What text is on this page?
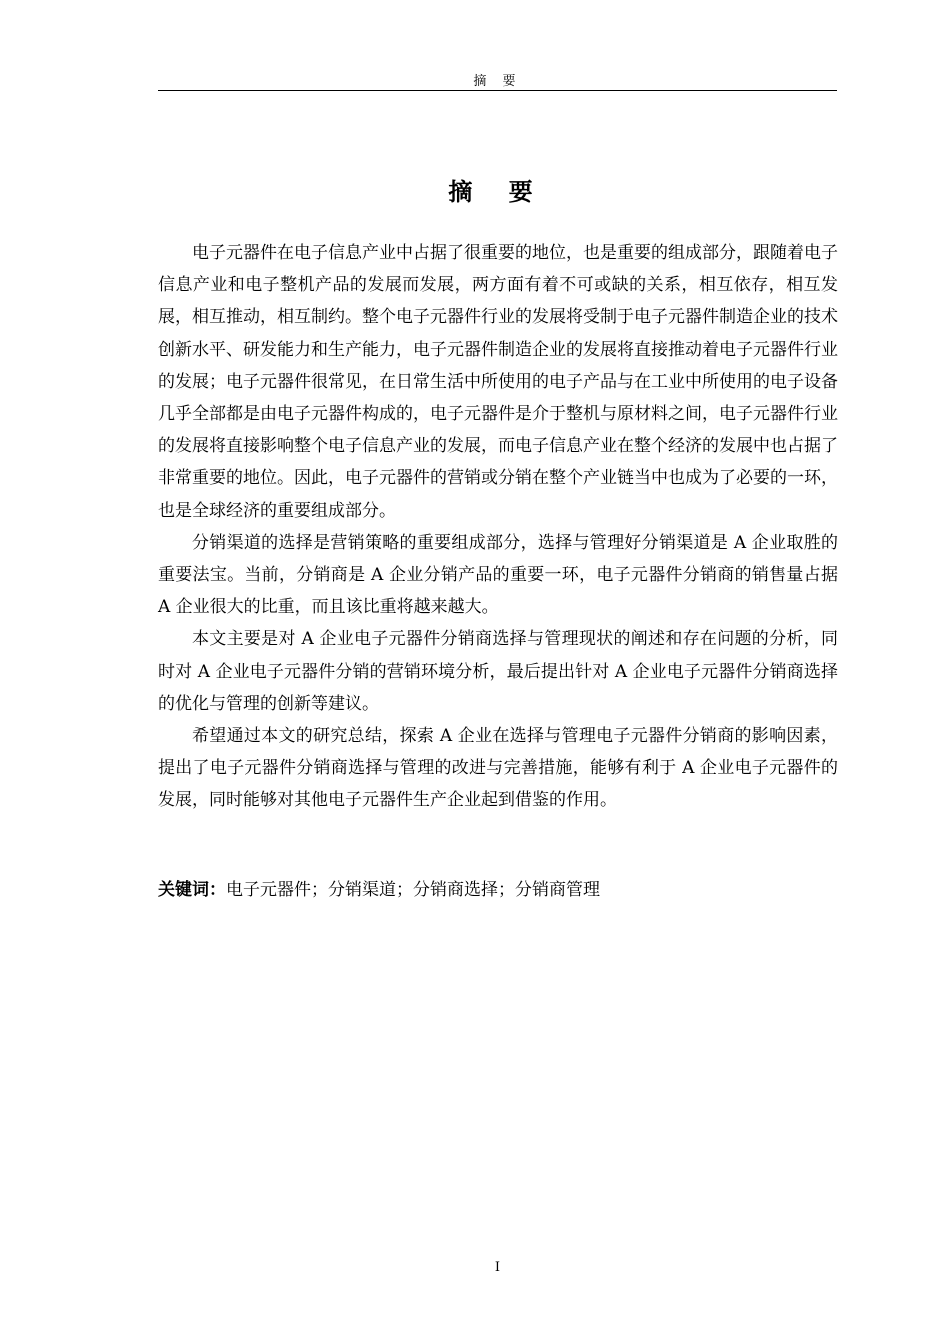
摘 要
摘 要

电子元器件在电子信息产业中占据了很重要的地位，也是重要的组成部分，跟随着电子信息产业和电子整机产品的发展而发展，两方面有着不可或缺的关系，相互依存，相互发展，相互推动，相互制约。整个电子元器件行业的发展将受制于电子元器件制造企业的技术创新水平、研发能力和生产能力，电子元器件制造企业的发展将直接推动着电子元器件行业的发展；电子元器件很常见，在日常生活中所使用的电子产品与在工业中所使用的电子设备几乎全部都是由电子元器件构成的，电子元器件是介于整机与原材料之间，电子元器件行业的发展将直接影响整个电子信息产业的发展，而电子信息产业在整个经济的发展中也占据了非常重要的地位。因此，电子元器件的营销或分销在整个产业链当中也成为了必要的一环，也是全球经济的重要组成部分。

分销渠道的选择是营销策略的重要组成部分，选择与管理好分销渠道是 A 企业取胜的重要法宝。当前，分销商是 A 企业分销产品的重要一环，电子元器件分销商的销售量占据 A 企业很大的比重，而且该比重将越来越大。

本文主要是对 A 企业电子元器件分销商选择与管理现状的阐述和存在问题的分析，同时对 A 企业电子元器件分销的营销环境分析，最后提出针对 A 企业电子元器件分销商选择的优化与管理的创新等建议。

希望通过本文的研究总结，探索 A 企业在选择与管理电子元器件分销商的影响因素，提出了电子元器件分销商选择与管理的改进与完善措施，能够有利于 A 企业电子元器件的发展，同时能够对其他电子元器件生产企业起到借鉴的作用。

关键词：电子元器件；分销渠道；分销商选择；分销商管理
I
